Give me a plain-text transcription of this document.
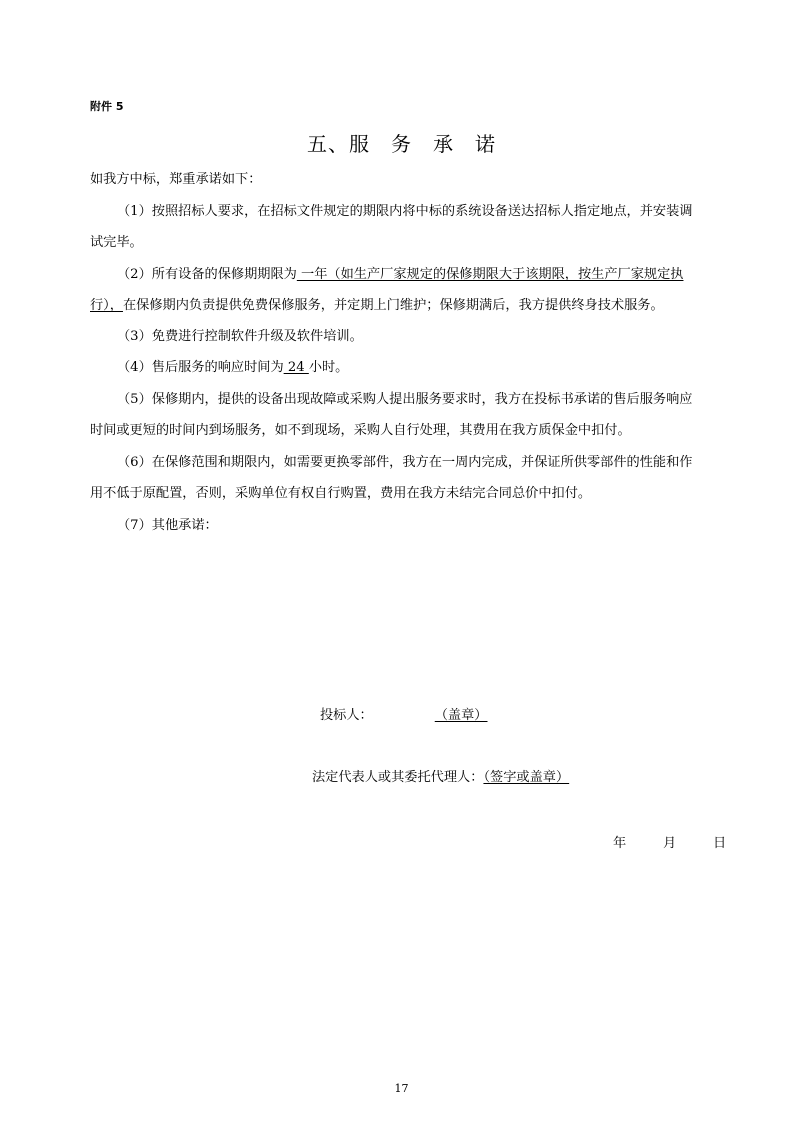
附件 5
五、服　务　承　诺
如我方中标，郑重承诺如下：
（1）按照招标人要求，在招标文件规定的期限内将中标的系统设备送达招标人指定地点，并安装调
试完毕。
（2）所有设备的保修期期限为 一年（如生产厂家规定的保修期限大于该期限，按生产厂家规定执
行），在保修期内负责提供免费保修服务，并定期上门维护；保修期满后，我方提供终身技术服务。
（3）免费进行控制软件升级及软件培训。
（4）售后服务的响应时间为 24 小时。
（5）保修期内，提供的设备出现故障或采购人提出服务要求时，我方在投标书承诺的售后服务响应
时间或更短的时间内到场服务，如不到现场，采购人自行处理，其费用在我方质保金中扣付。
（6）在保修范围和期限内，如需要更换零部件，我方在一周内完成，并保证所供零部件的性能和作
用不低于原配置，否则，采购单位有权自行购置，费用在我方未结完合同总价中扣付。
（7）其他承诺：
投标人：	（盖章）
法定代表人或其委托代理人：（签字或盖章）
年	月	日
17
